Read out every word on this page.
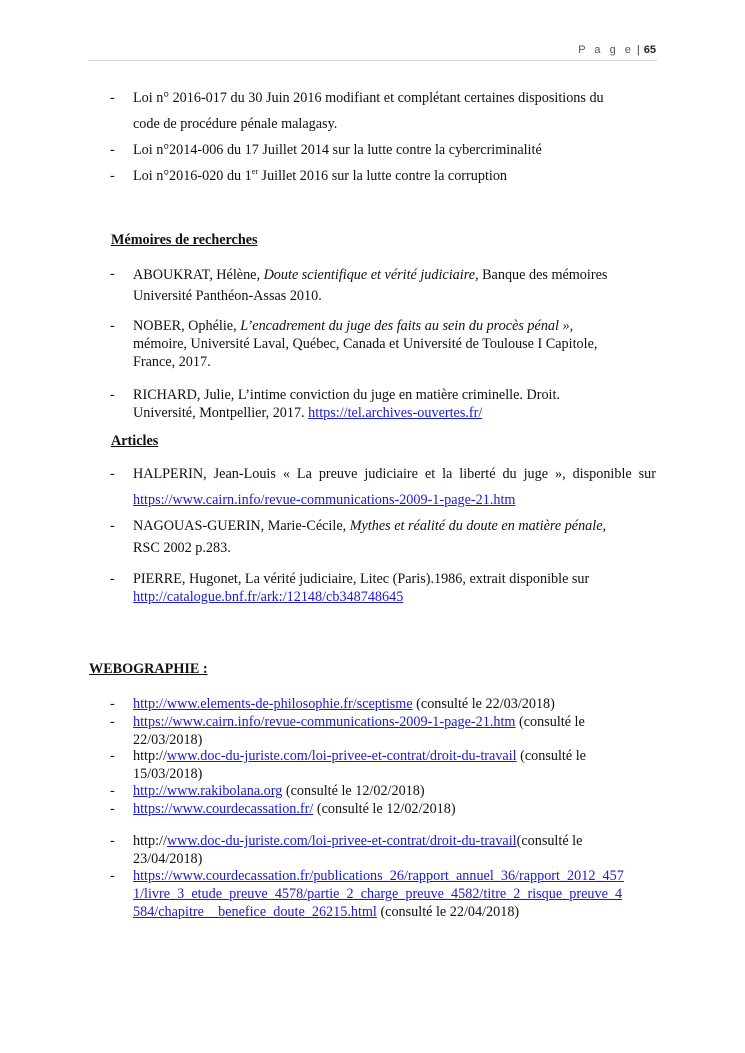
P a g e | 65
-	Loi n° 2016-017 du 30 Juin 2016 modifiant et complétant certaines dispositions du
code de procédure pénale malagasy.
-	Loi n°2014-006 du 17 Juillet 2014 sur la lutte contre la cybercriminalité
-	Loi n°2016-020 du 1er Juillet 2016 sur la lutte contre la corruption
Mémoires de recherches
-	ABOUKRAT, Hélène, Doute scientifique et vérité judiciaire, Banque des mémoires
Université Panthéon-Assas 2010.
-	NOBER, Ophélie, L’encadrement du juge des faits au sein du procès pénal »,
mémoire, Université Laval, Québec, Canada et Université de Toulouse I Capitole,
France, 2017.
-	RICHARD, Julie, L’intime conviction du juge en matière criminelle. Droit.
Université, Montpellier, 2017. https://tel.archives-ouvertes.fr/
Articles
-	HALPERIN, Jean-Louis « La preuve judiciaire et la liberté du juge », disponible sur
https://www.cairn.info/revue-communications-2009-1-page-21.htm
-	NAGOUAS-GUERIN, Marie-Cécile, Mythes et réalité du doute en matière pénale,
RSC 2002 p.283.
-	PIERRE, Hugonet, La vérité judiciaire, Litec (Paris).1986, extrait disponible sur
http://catalogue.bnf.fr/ark:/12148/cb348748645
WEBOGRAPHIE :
-	http://www.elements-de-philosophie.fr/sceptisme (consulté le 22/03/2018)
-	https://www.cairn.info/revue-communications-2009-1-page-21.htm (consulté le
22/03/2018)
-	http://www.doc-du-juriste.com/loi-privee-et-contrat/droit-du-travail (consulté le
15/03/2018)
-	http://www.rakibolana.org (consulté le 12/02/2018)
-	https://www.courdecassation.fr/ (consulté le 12/02/2018)
-	http://www.doc-du-juriste.com/loi-privee-et-contrat/droit-du-travail(consulté le
23/04/2018)
-	https://www.courdecassation.fr/publications_26/rapport_annuel_36/rapport_2012_457
1/livre_3_etude_preuve_4578/partie_2_charge_preuve_4582/titre_2_risque_preuve_4
584/chapitre__benefice_doute_26215.html (consulté le 22/04/2018)
